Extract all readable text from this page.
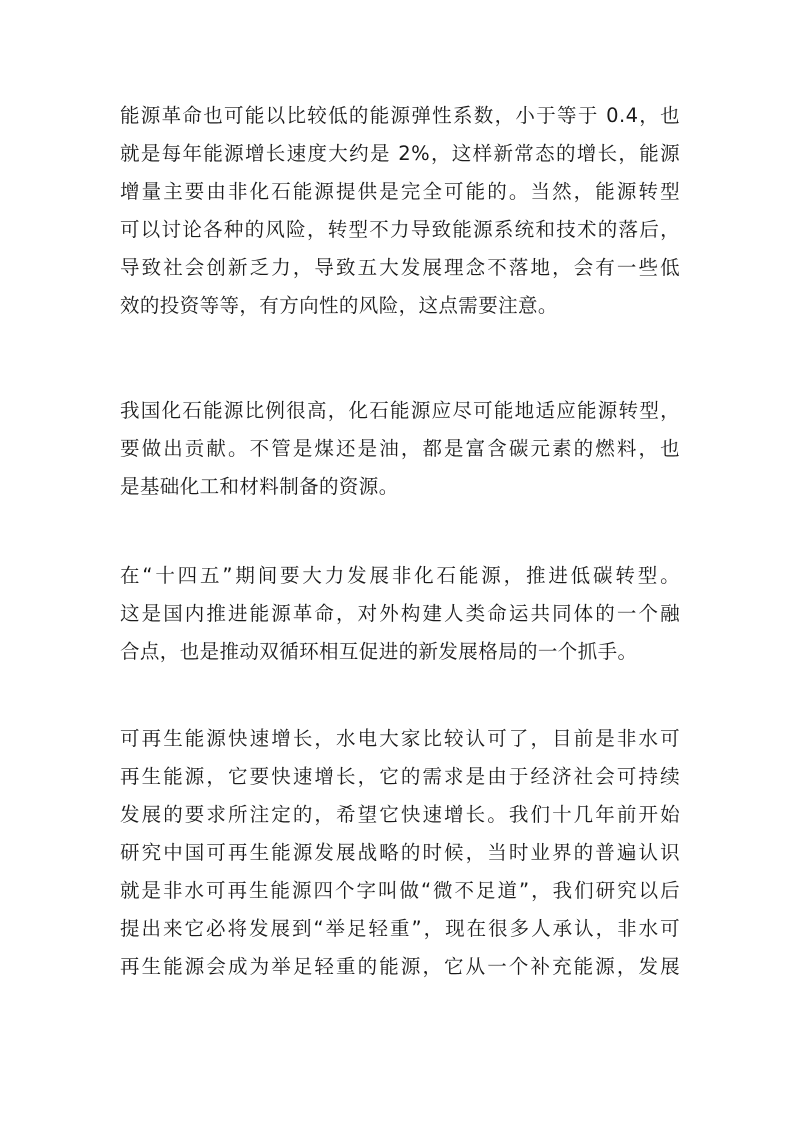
能源革命也可能以比较低的能源弹性系数，小于等于 0.4，也
就是每年能源增长速度大约是 2%，这样新常态的增长，能源
增量主要由非化石能源提供是完全可能的。当然，能源转型
可以讨论各种的风险，转型不力导致能源系统和技术的落后，
导致社会创新乏力，导致五大发展理念不落地，会有一些低
效的投资等等，有方向性的风险，这点需要注意。
我国化石能源比例很高，化石能源应尽可能地适应能源转型，
要做出贡献。不管是煤还是油，都是富含碳元素的燃料，也
是基础化工和材料制备的资源。
在“十四五”期间要大力发展非化石能源，推进低碳转型。
这是国内推进能源革命，对外构建人类命运共同体的一个融
合点，也是推动双循环相互促进的新发展格局的一个抓手。
可再生能源快速增长，水电大家比较认可了，目前是非水可
再生能源，它要快速增长，它的需求是由于经济社会可持续
发展的要求所注定的，希望它快速增长。我们十几年前开始
研究中国可再生能源发展战略的时候，当时业界的普遍认识
就是非水可再生能源四个字叫做“微不足道”，我们研究以后
提出来它必将发展到“举足轻重”，现在很多人承认，非水可
再生能源会成为举足轻重的能源，它从一个补充能源，发展
